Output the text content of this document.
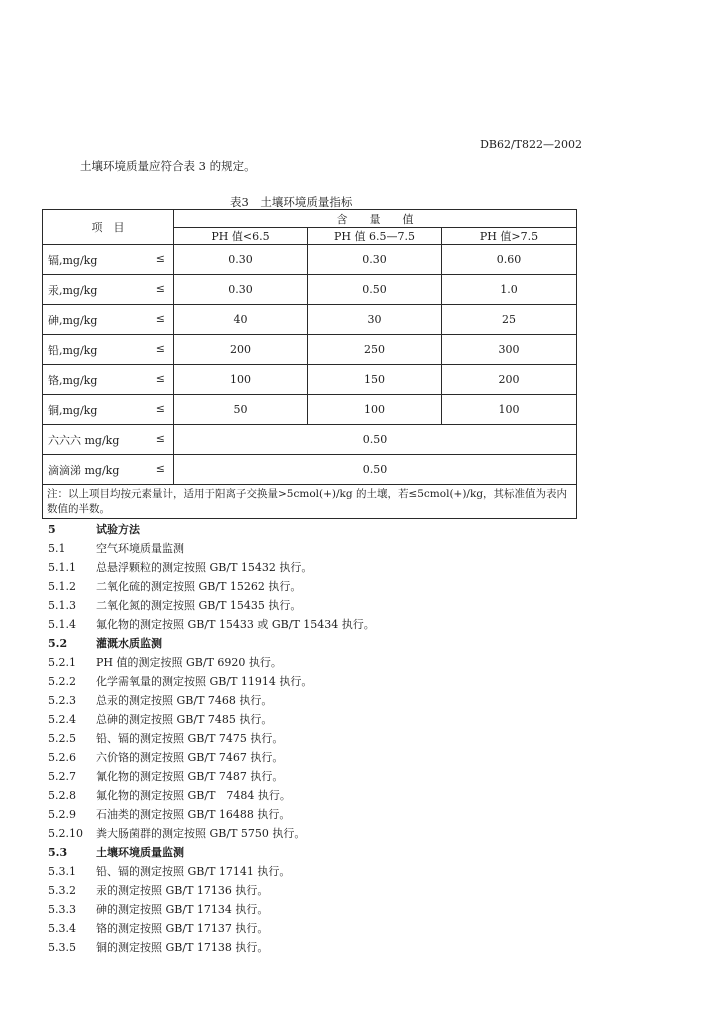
DB62/T822—2002
土壤环境质量应符合表 3 的规定。
表3　土壤环境质量指标
项　目	含　　量　　值		
	PH 值<6.5	PH 值 6.5—7.5	PH 值>7.5
镉,mg/kg ≤	0.30	0.30	0.60
汞,mg/kg ≤	0.30	0.50	1.0
砷,mg/kg ≤	40	30	25
铅,mg/kg ≤	200	250	300
铬,mg/kg ≤	100	150	200
铜,mg/kg ≤	50	100	100
六六六 mg/kg ≤	0.50		
滴滴涕 mg/kg ≤	0.50		
注：以上项目均按元素量计，适用于阳离子交换量>5cmol(+)/kg 的土壤，若≤5cmol(+)/kg，其标准值为表内数值的半数。			
5	试验方法
5.1	空气环境质量监测
5.1.1 总悬浮颗粒的测定按照 GB/T 15432 执行。
5.1.2 二氧化硫的测定按照 GB/T 15262 执行。
5.1.3 二氧化氮的测定按照 GB/T 15435 执行。
5.1.4 氟化物的测定按照 GB/T 15433 或 GB/T 15434 执行。
5.2	灌溉水质监测
5.2.1 PH 值的测定按照 GB/T 6920 执行。
5.2.2 化学需氧量的测定按照 GB/T 11914 执行。
5.2.3 总汞的测定按照 GB/T 7468 执行。
5.2.4 总砷的测定按照 GB/T 7485 执行。
5.2.5 铅、镉的测定按照 GB/T 7475 执行。
5.2.6 六价铬的测定按照 GB/T 7467 执行。
5.2.7 氰化物的测定按照 GB/T 7487 执行。
5.2.8 氟化物的测定按照 GB/T　7484 执行。
5.2.9 石油类的测定按照 GB/T 16488 执行。
5.2.10 粪大肠菌群的测定按照 GB/T 5750 执行。
5.3	土壤环境质量监测
5.3.1 铅、镉的测定按照 GB/T 17141 执行。
5.3.2 汞的测定按照 GB/T 17136 执行。
5.3.3 砷的测定按照 GB/T 17134 执行。
5.3.4 铬的测定按照 GB/T 17137 执行。
5.3.5 铜的测定按照 GB/T 17138 执行。
